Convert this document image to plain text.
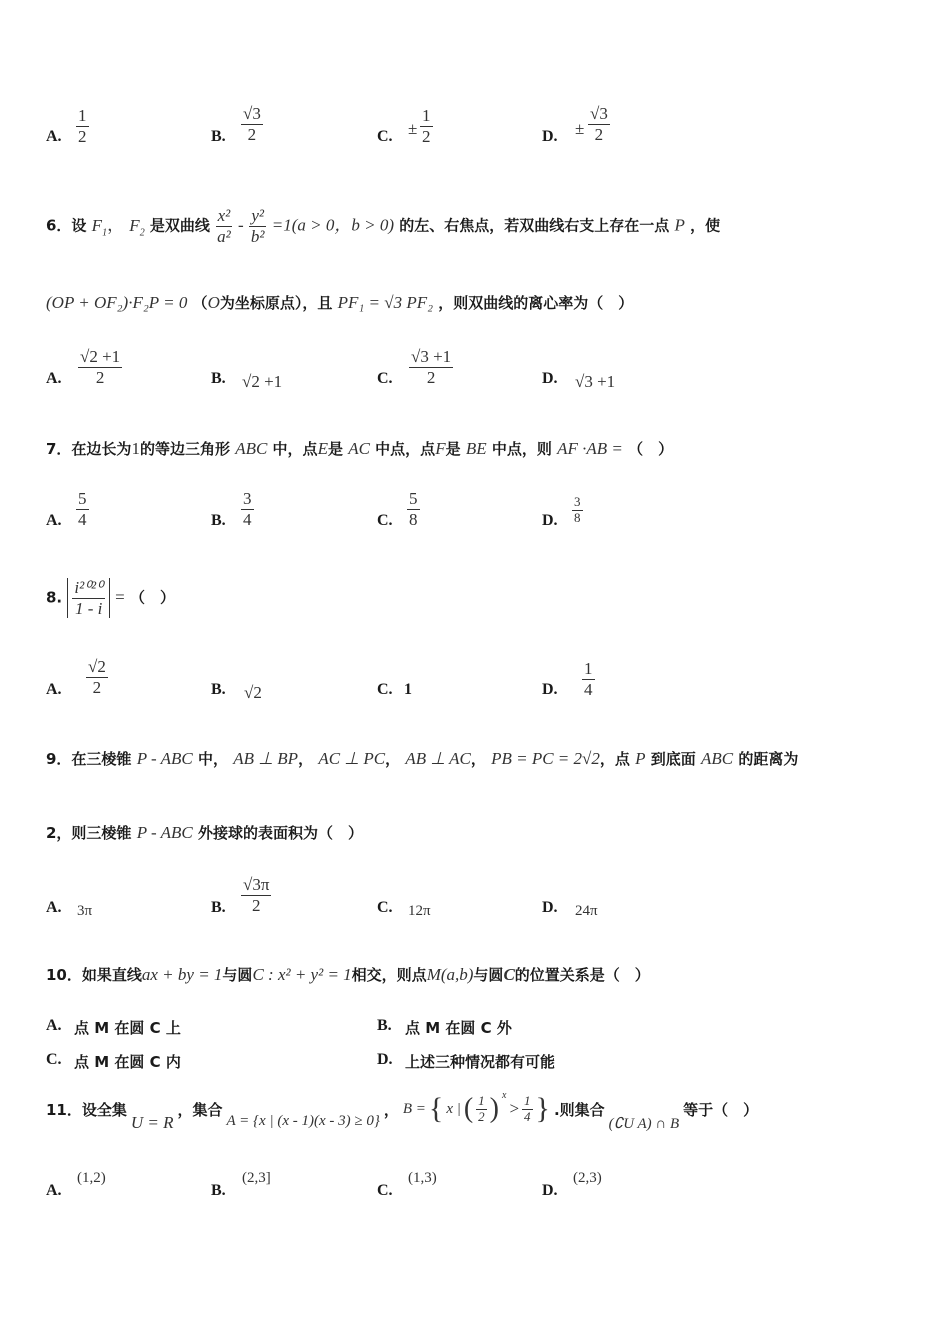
A. $\frac{1}{2}$	B. $\frac{√3}{2}$	C. ± $\frac{1}{2}$	D. ± $\frac{√3}{2}$
6．设 $F_1$， $F_2$ 是双曲线 $\frac{\text{x²}}{\text{a²}} - \frac{\text{y²}}{\text{b²}} =1(a > 0$，b > 0) 的左、右焦点，若双曲线右支上存在一点 P ，使
(OP + OF₂)·F₂P = 0 （O为坐标原点），且 PF₁ = √3 PF₂ ，则双曲线的离心率为（　）
A. $\frac{√2 +1}{2}$	B. √2 +1	C. $\frac{√3 +1}{2}$	D. √3 +1
7．在边长为1的等边三角形 ABC 中，点E是 AC 中点，点F是 BE 中点，则 AF ·AB = （　）
A. $\frac{5}{4}$	B. $\frac{3}{4}$	C. $\frac{5}{8}$	D. $\frac{3}{8}$
8. $\frac{\text{i²⁰²⁰}}{1 - i}$ = （　）
A. $\frac{√2}{2}$	B. √2	C. 1	D. $\frac{1}{4}$
9．在三棱锥 P - ABC 中， AB ⊥ BP， AC ⊥ PC， AB ⊥ AC， PB = PC = 2√2，点 P 到底面 ABC 的距离为
2，则三棱锥 P - ABC 外接球的表面积为（　）
A. 3π	B. $\frac{√3\pi}{2}$	C. 12π	D. 24π
10．如果直线ax + by = 1与圆C : x² + y² = 1相交，则点M(a,b)与圆C的位置关系是（　）
A. 点 M 在圆 C 上	B. 点 M 在圆 C 外
C. 点 M 在圆 C 内	D. 上述三种情况都有可能
11．设全集
U = R
，集合
A = {x | (x - 1)(x - 3) ≥ 0}
， B = { x | ( $\frac{1}{2}$ ) $^x$
> $\frac{1}{4}$ } .则集合
(∁U A) ∩ B
等于（　）
A.
(1,2)
B.
(2,3]
C.
(1,3)
D.
(2,3)
